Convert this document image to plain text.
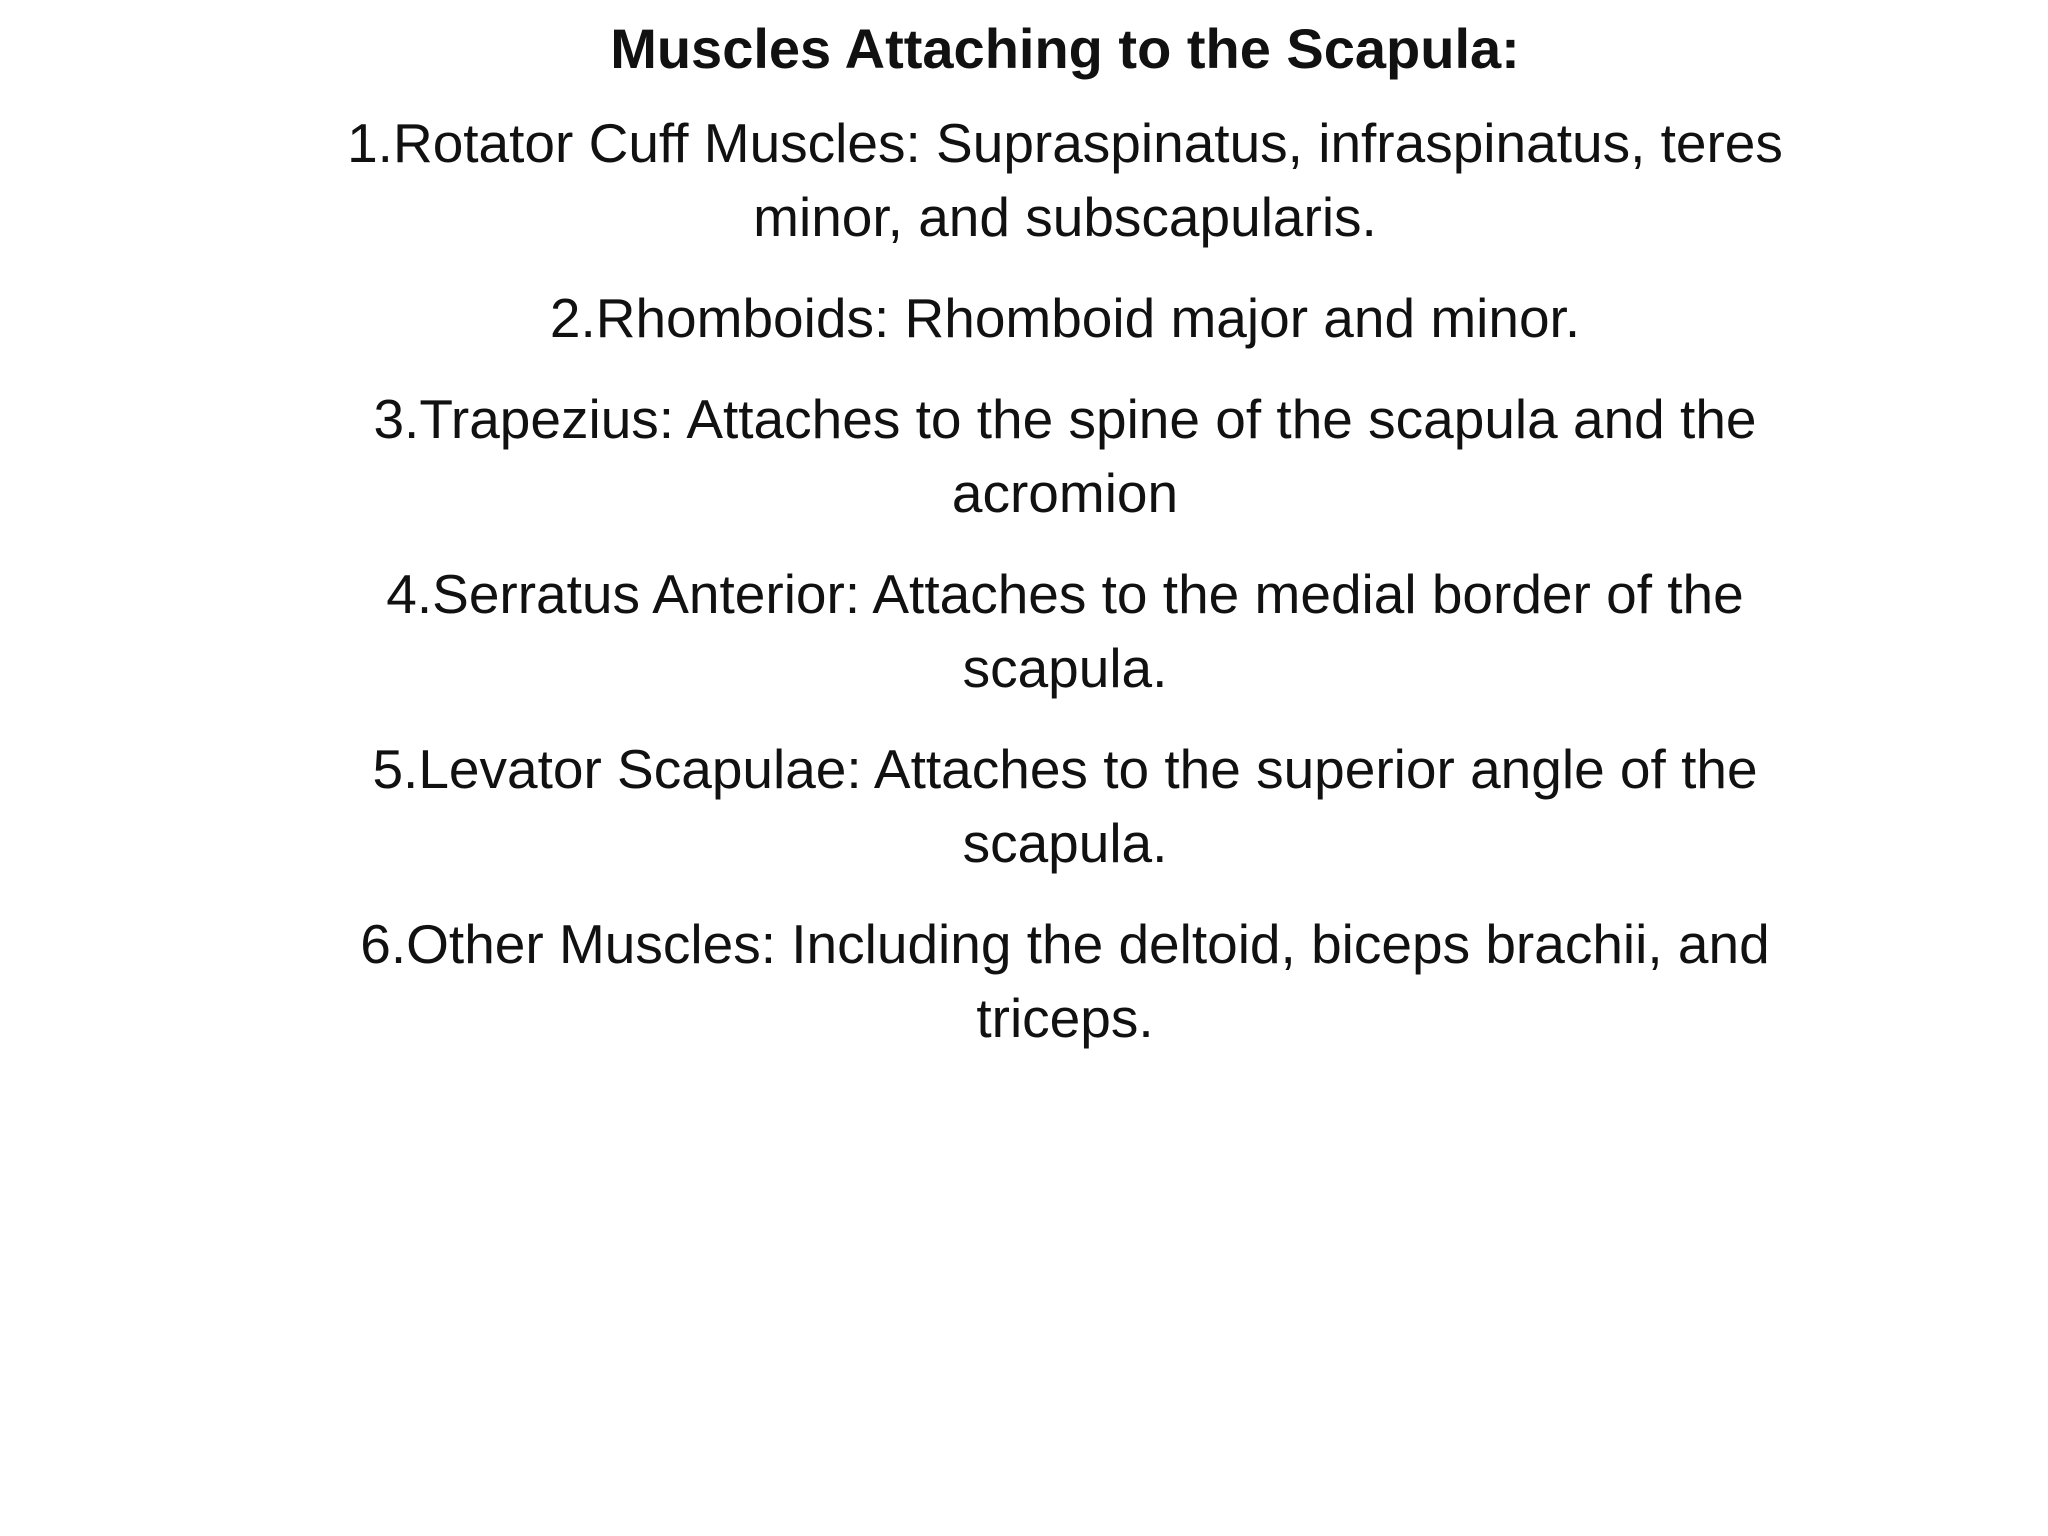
Muscles Attaching to the Scapula:
1.Rotator Cuff Muscles: Supraspinatus, infraspinatus, teres minor, and subscapularis.
2.Rhomboids: Rhomboid major and minor.
3.Trapezius: Attaches to the spine of the scapula and the acromion
4.Serratus Anterior: Attaches to the medial border of the scapula.
5.Levator Scapulae: Attaches to the superior angle of the scapula.
6.Other Muscles: Including the deltoid, biceps brachii, and triceps.
